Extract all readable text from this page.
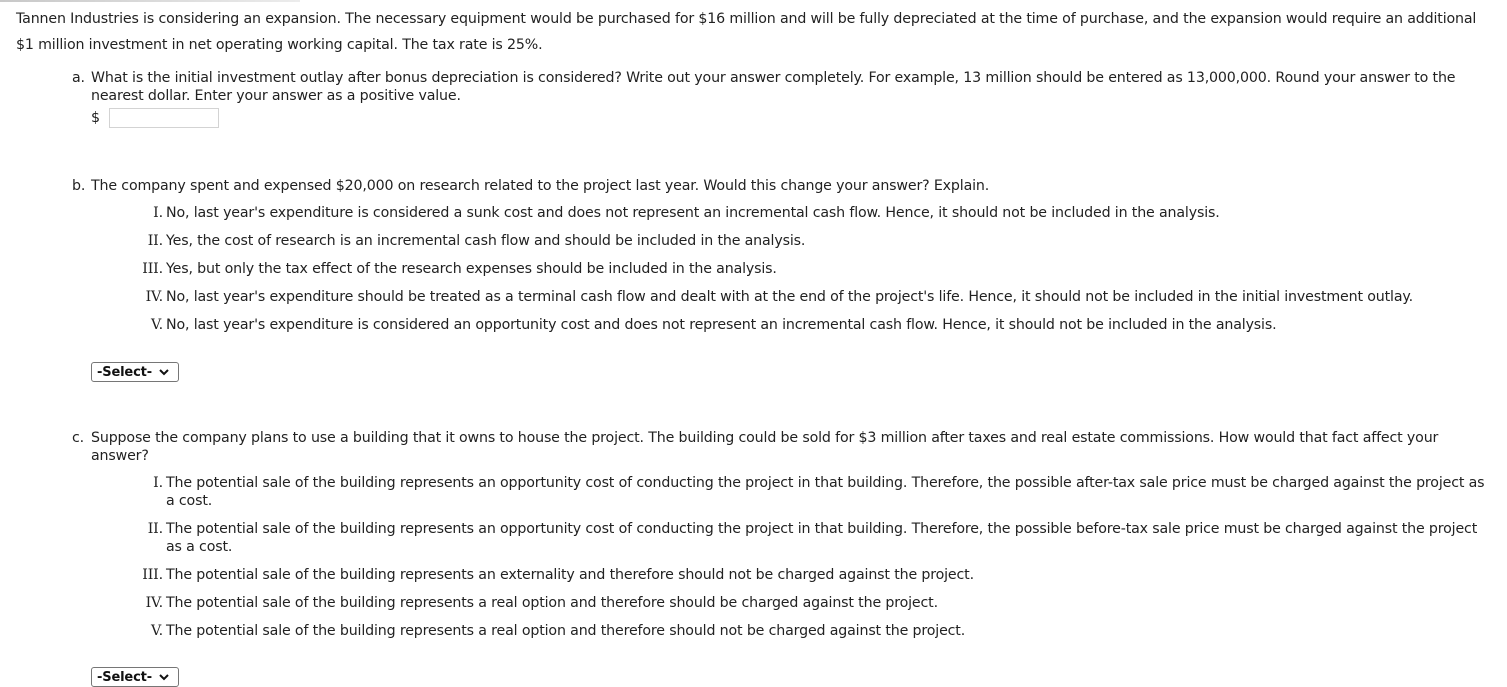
Tannen Industries is considering an expansion. The necessary equipment would be purchased for $16 million and will be fully depreciated at the time of purchase, and the expansion would require an additional $1 million investment in net operating working capital. The tax rate is 25%.
a. What is the initial investment outlay after bonus depreciation is considered? Write out your answer completely. For example, 13 million should be entered as 13,000,000. Round your answer to the nearest dollar. Enter your answer as a positive value.
$
b. The company spent and expensed $20,000 on research related to the project last year. Would this change your answer? Explain.
I. No, last year's expenditure is considered a sunk cost and does not represent an incremental cash flow. Hence, it should not be included in the analysis.
II. Yes, the cost of research is an incremental cash flow and should be included in the analysis.
III. Yes, but only the tax effect of the research expenses should be included in the analysis.
IV. No, last year's expenditure should be treated as a terminal cash flow and dealt with at the end of the project's life. Hence, it should not be included in the initial investment outlay.
V. No, last year's expenditure is considered an opportunity cost and does not represent an incremental cash flow. Hence, it should not be included in the analysis.
-Select-
c. Suppose the company plans to use a building that it owns to house the project. The building could be sold for $3 million after taxes and real estate commissions. How would that fact affect your answer?
I. The potential sale of the building represents an opportunity cost of conducting the project in that building. Therefore, the possible after-tax sale price must be charged against the project as a cost.
II. The potential sale of the building represents an opportunity cost of conducting the project in that building. Therefore, the possible before-tax sale price must be charged against the project as a cost.
III. The potential sale of the building represents an externality and therefore should not be charged against the project.
IV. The potential sale of the building represents a real option and therefore should be charged against the project.
V. The potential sale of the building represents a real option and therefore should not be charged against the project.
-Select-
